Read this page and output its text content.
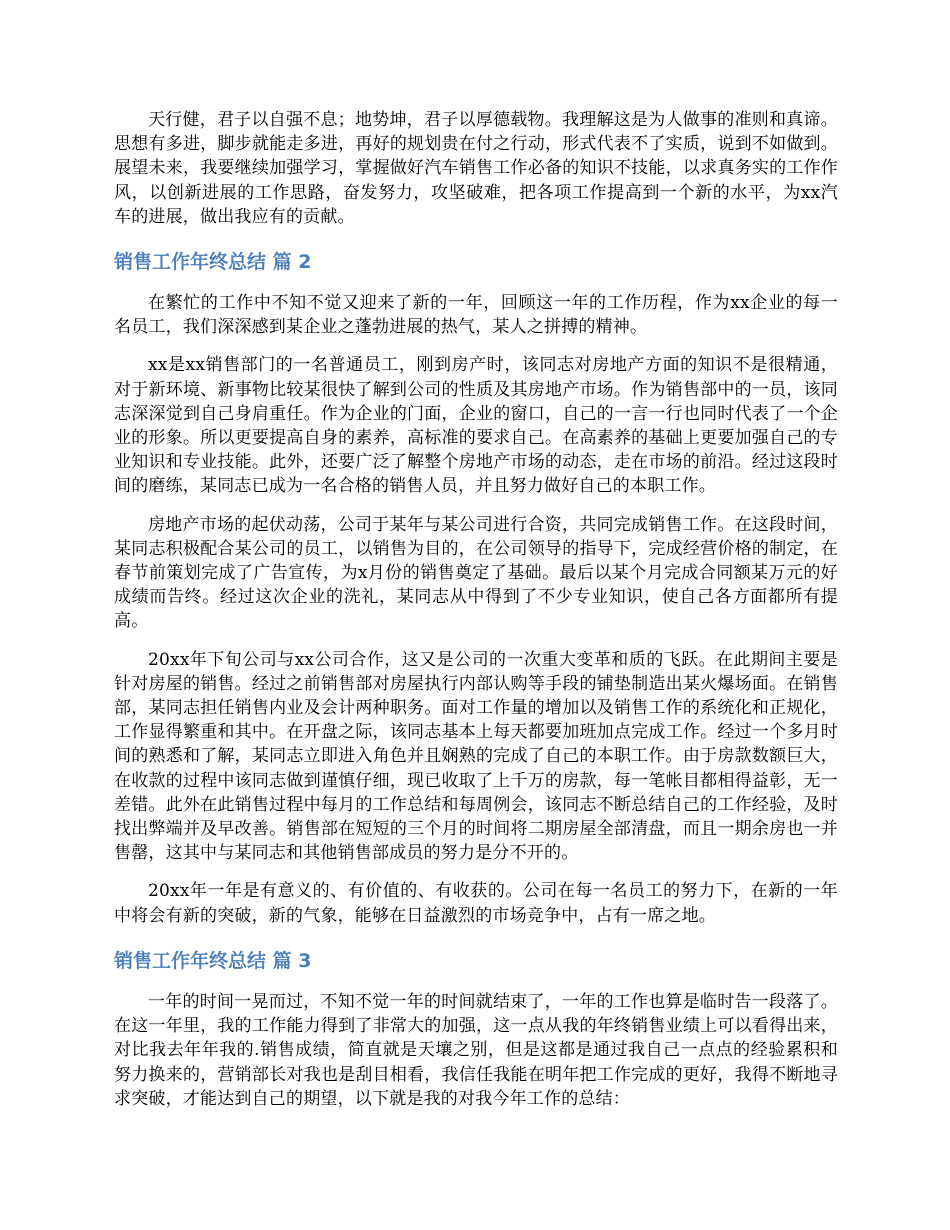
天行健，君子以自强不息；地势坤，君子以厚德载物。我理解这是为人做事的准则和真谛。思想有多进，脚步就能走多进，再好的规划贵在付之行动，形式代表不了实质，说到不如做到。展望未来，我要继续加强学习，掌握做好汽车销售工作必备的知识不技能，以求真务实的工作作风，以创新进展的工作思路，奋发努力，攻坚破难，把各项工作提高到一个新的水平，为xx汽车的进展，做出我应有的贡献。

销售工作年终总结 篇 2

在繁忙的工作中不知不觉又迎来了新的一年，回顾这一年的工作历程，作为xx企业的每一名员工，我们深深感到某企业之蓬勃进展的热气，某人之拼搏的精神。

xx是xx销售部门的一名普通员工，刚到房产时，该同志对房地产方面的知识不是很精通，对于新环境、新事物比较某很快了解到公司的性质及其房地产市场。作为销售部中的一员，该同志深深觉到自己身肩重任。作为企业的门面，企业的窗口，自己的一言一行也同时代表了一个企业的形象。所以更要提高自身的素养，高标准的要求自己。在高素养的基础上更要加强自己的专业知识和专业技能。此外，还要广泛了解整个房地产市场的动态，走在市场的前沿。经过这段时间的磨练，某同志已成为一名合格的销售人员，并且努力做好自己的本职工作。

房地产市场的起伏动荡，公司于某年与某公司进行合资，共同完成销售工作。在这段时间，某同志积极配合某公司的员工，以销售为目的，在公司领导的指导下，完成经营价格的制定，在春节前策划完成了广告宣传，为x月份的销售奠定了基础。最后以某个月完成合同额某万元的好成绩而告终。经过这次企业的洗礼，某同志从中得到了不少专业知识，使自己各方面都所有提高。

20xx年下旬公司与xx公司合作，这又是公司的一次重大变革和质的飞跃。在此期间主要是针对房屋的销售。经过之前销售部对房屋执行内部认购等手段的铺垫制造出某火爆场面。在销售部，某同志担任销售内业及会计两种职务。面对工作量的增加以及销售工作的系统化和正规化，工作显得繁重和其中。在开盘之际，该同志基本上每天都要加班加点完成工作。经过一个多月时间的熟悉和了解，某同志立即进入角色并且娴熟的完成了自己的本职工作。由于房款数额巨大，在收款的过程中该同志做到谨慎仔细，现已收取了上千万的房款，每一笔帐目都相得益彰，无一差错。此外在此销售过程中每月的工作总结和每周例会，该同志不断总结自己的工作经验，及时找出弊端并及早改善。销售部在短短的三个月的时间将二期房屋全部清盘，而且一期余房也一并售罄，这其中与某同志和其他销售部成员的努力是分不开的。

20xx年一年是有意义的、有价值的、有收获的。公司在每一名员工的努力下，在新的一年中将会有新的突破，新的气象，能够在日益激烈的市场竞争中，占有一席之地。

销售工作年终总结 篇 3

一年的时间一晃而过，不知不觉一年的时间就结束了，一年的工作也算是临时告一段落了。在这一年里，我的工作能力得到了非常大的加强，这一点从我的年终销售业绩上可以看得出来，对比我去年年我的.销售成绩，简直就是天壤之别，但是这都是通过我自己一点点的经验累积和努力换来的，营销部长对我也是刮目相看，我信任我能在明年把工作完成的更好，我得不断地寻求突破，才能达到自己的期望，以下就是我的对我今年工作的总结：
